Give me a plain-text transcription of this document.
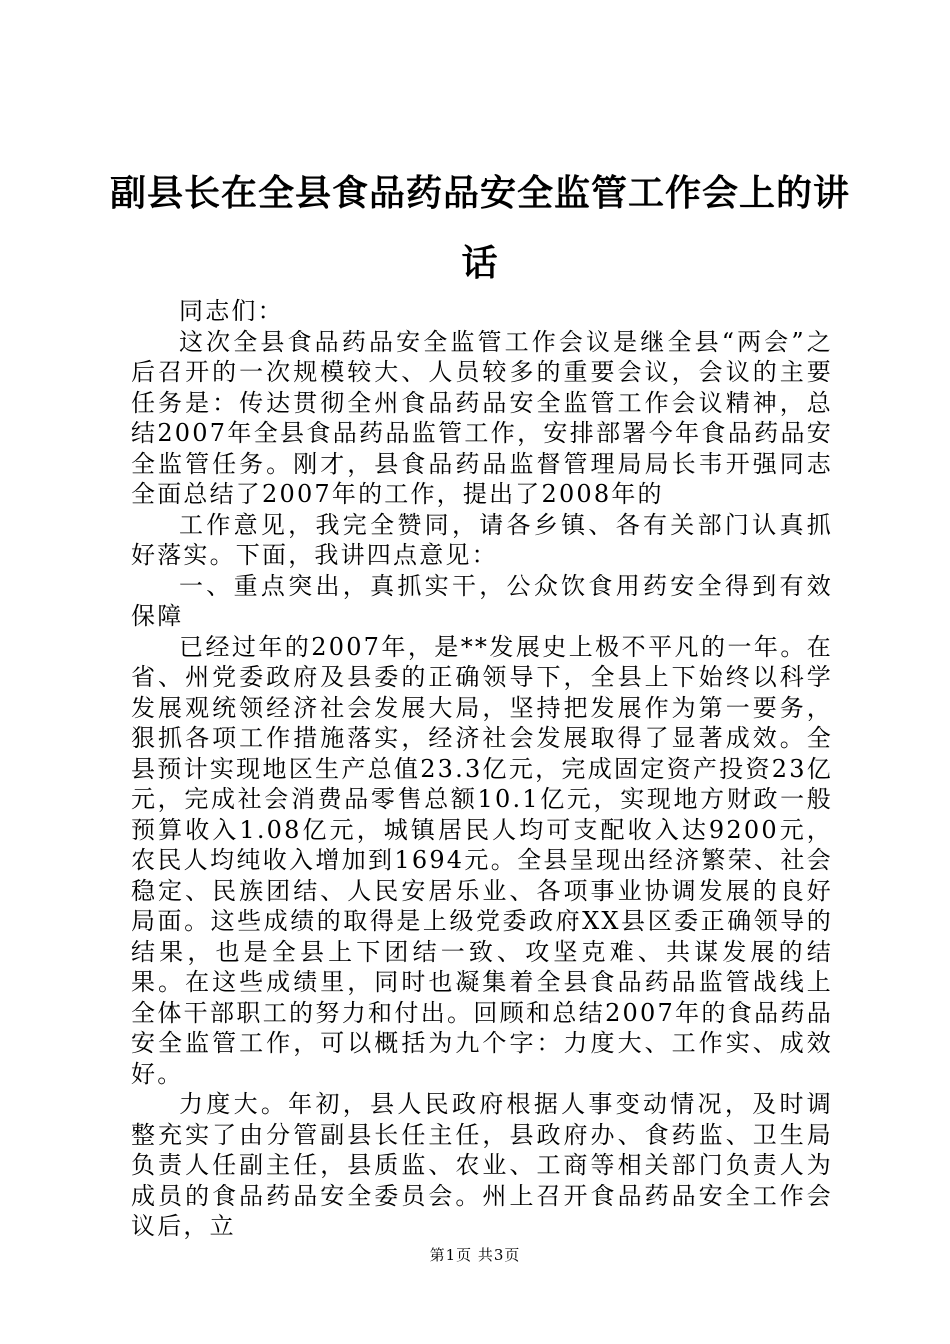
副县长在全县食品药品安全监管工作会上的讲话

同志们：

这次全县食品药品安全监管工作会议是继全县“两会”之后召开的一次规模较大、人员较多的重要会议，会议的主要任务是：传达贯彻全州食品药品安全监管工作会议精神，总结2007年全县食品药品监管工作，安排部署今年食品药品安全监管任务。刚才，县食品药品监督管理局局长韦开强同志全面总结了2007年的工作，提出了2008年的

工作意见，我完全赞同，请各乡镇、各有关部门认真抓好落实。下面，我讲四点意见：

一、重点突出，真抓实干，公众饮食用药安全得到有效保障

已经过年的2007年，是**发展史上极不平凡的一年。在省、州党委政府及县委的正确领导下，全县上下始终以科学发展观统领经济社会发展大局，坚持把发展作为第一要务，狠抓各项工作措施落实，经济社会发展取得了显著成效。全县预计实现地区生产总值23.3亿元，完成固定资产投资23亿元，完成社会消费品零售总额10.1亿元，实现地方财政一般预算收入1.08亿元，城镇居民人均可支配收入达9200元，农民人均纯收入增加到1694元。全县呈现出经济繁荣、社会稳定、民族团结、人民安居乐业、各项事业协调发展的良好局面。这些成绩的取得是上级党委政府XX县区委正确领导的结果，也是全县上下团结一致、攻坚克难、共谋发展的结果。在这些成绩里，同时也凝集着全县食品药品监管战线上全体干部职工的努力和付出。回顾和总结2007年的食品药品安全监管工作，可以概括为九个字：力度大、工作实、成效好。

力度大。年初，县人民政府根据人事变动情况，及时调整充实了由分管副县长任主任，县政府办、食药监、卫生局负责人任副主任，县质监、农业、工商等相关部门负责人为成员的食品药品安全委员会。州上召开食品药品安全工作会议后，立

第1页 共3页
